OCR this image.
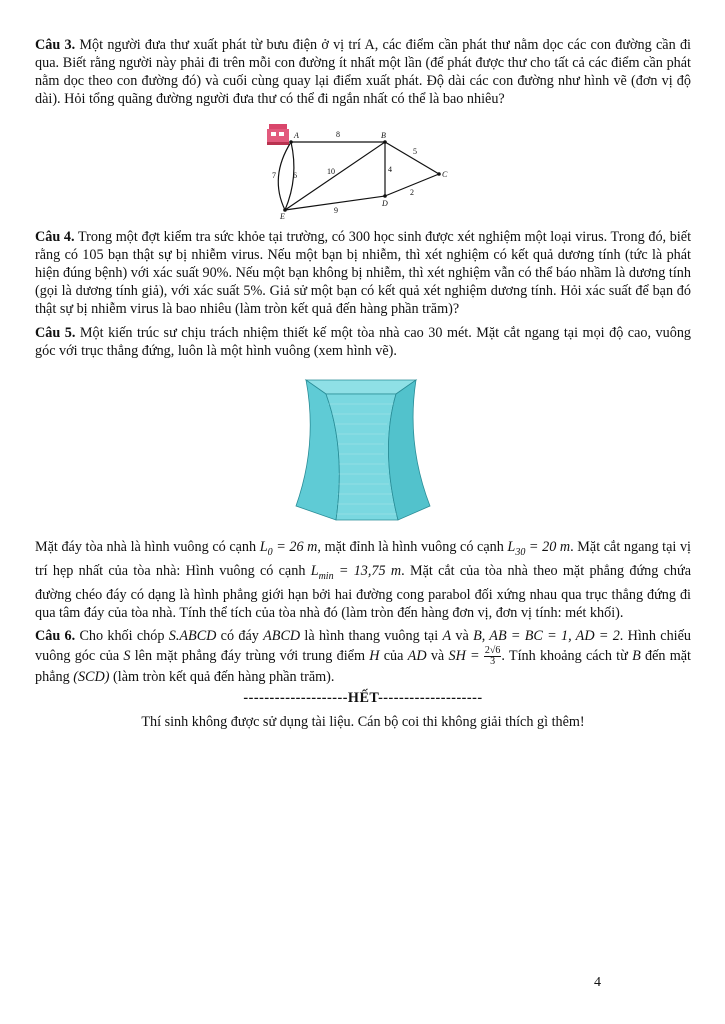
Câu 3. Một người đưa thư xuất phát từ bưu điện ở vị trí A, các điểm cần phát thư nằm dọc các con đường cần đi qua. Biết rằng người này phải đi trên mỗi con đường ít nhất một lần (để phát được thư cho tất cả các điểm cần phát nằm dọc theo con đường đó) và cuối cùng quay lại điểm xuất phát. Độ dài các con đường như hình vẽ (đơn vị độ dài). Hỏi tổng quãng đường người đưa thư có thể đi ngắn nhất có thể là bao nhiêu?

A	B
C
D
E
8
7 6	10
9
4
5
2

Câu 4. Trong một đợt kiểm tra sức khỏe tại trường, có 300 học sinh được xét nghiệm một loại virus. Trong đó, biết rằng có 105 bạn thật sự bị nhiễm virus. Nếu một bạn bị nhiễm, thì xét nghiệm có kết quả dương tính (tức là phát hiện đúng bệnh) với xác suất 90%. Nếu một bạn không bị nhiễm, thì xét nghiệm vẫn có thể báo nhầm là dương tính (gọi là dương tính giả), với xác suất 5%. Giả sử một bạn có kết quả xét nghiệm dương tính. Hỏi xác suất để bạn đó thật sự bị nhiễm virus là bao nhiêu (làm tròn kết quả đến hàng phần trăm)?

Câu 5. Một kiến trúc sư chịu trách nhiệm thiết kế một tòa nhà cao 30 mét. Mặt cắt ngang tại mọi độ cao, vuông góc với trục thẳng đứng, luôn là một hình vuông (xem hình vẽ).

Mặt đáy tòa nhà là hình vuông có cạnh $L_0 = 26$ m, mặt đỉnh là hình vuông có cạnh $L_{30} = 20$ m. Mặt cắt ngang tại vị trí hẹp nhất của tòa nhà: Hình vuông có cạnh $L_{min} = 13,75$ m. Mặt cắt của tòa nhà theo mặt phẳng đứng chứa đường chéo đáy có dạng là hình phẳng giới hạn bởi hai đường cong parabol đối xứng nhau qua trục thẳng đứng đi qua tâm đáy của tòa nhà. Tính thể tích của tòa nhà đó (làm tròn đến hàng đơn vị, đơn vị tính: mét khối).

Câu 6. Cho khối chóp S.ABCD có đáy ABCD là hình thang vuông tại A và B, AB = BC = 1, AD = 2. Hình chiếu vuông góc của S lên mặt phẳng đáy trùng với trung điểm H của AD và SH = $\frac{2√6}{3}$ . Tính khoảng cách từ B đến mặt phẳng (SCD) (làm tròn kết quả đến hàng phần trăm).

--------------------HẾT--------------------
Thí sinh không được sử dụng tài liệu. Cán bộ coi thi không giải thích gì thêm!
4
